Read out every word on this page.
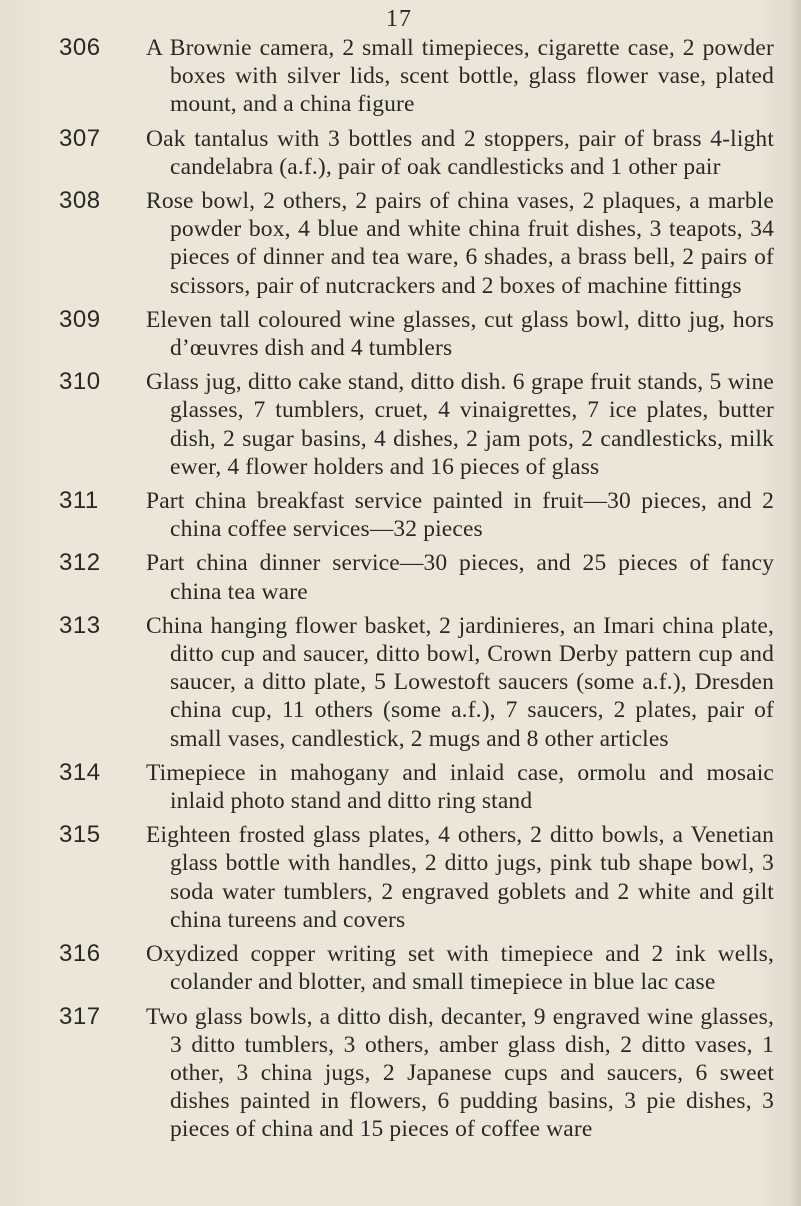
17
306	A Brownie camera, 2 small timepieces, cigarette case, 2 powder boxes with silver lids, scent bottle, glass flower vase, plated mount, and a china figure
307	Oak tantalus with 3 bottles and 2 stoppers, pair of brass 4-light candelabra (a.f.), pair of oak candlesticks and 1 other pair
308	Rose bowl, 2 others, 2 pairs of china vases, 2 plaques, a marble powder box, 4 blue and white china fruit dishes, 3 teapots, 34 pieces of dinner and tea ware, 6 shades, a brass bell, 2 pairs of scissors, pair of nutcrackers and 2 boxes of machine fittings
309	Eleven tall coloured wine glasses, cut glass bowl, ditto jug, hors d’œuvres dish and 4 tumblers
310	Glass jug, ditto cake stand, ditto dish. 6 grape fruit stands, 5 wine glasses, 7 tumblers, cruet, 4 vinaigrettes, 7 ice plates, butter dish, 2 sugar basins, 4 dishes, 2 jam pots, 2 candlesticks, milk ewer, 4 flower holders and 16 pieces of glass
311	Part china breakfast service painted in fruit—30 pieces, and 2 china coffee services—32 pieces
312	Part china dinner service—30 pieces, and 25 pieces of fancy china tea ware
313	China hanging flower basket, 2 jardinieres, an Imari china plate, ditto cup and saucer, ditto bowl, Crown Derby pattern cup and saucer, a ditto plate, 5 Lowestoft saucers (some a.f.), Dresden china cup, 11 others (some a.f.), 7 saucers, 2 plates, pair of small vases, candlestick, 2 mugs and 8 other articles
314	Timepiece in mahogany and inlaid case, ormolu and mosaic inlaid photo stand and ditto ring stand
315	Eighteen frosted glass plates, 4 others, 2 ditto bowls, a Venetian glass bottle with handles, 2 ditto jugs, pink tub shape bowl, 3 soda water tumblers, 2 engraved goblets and 2 white and gilt china tureens and covers
316	Oxydized copper writing set with timepiece and 2 ink wells, colander and blotter, and small timepiece in blue lac case
317	Two glass bowls, a ditto dish, decanter, 9 engraved wine glasses, 3 ditto tumblers, 3 others, amber glass dish, 2 ditto vases, 1 other, 3 china jugs, 2 Japanese cups and saucers, 6 sweet dishes painted in flowers, 6 pudding basins, 3 pie dishes, 3 pieces of china and 15 pieces of coffee ware
